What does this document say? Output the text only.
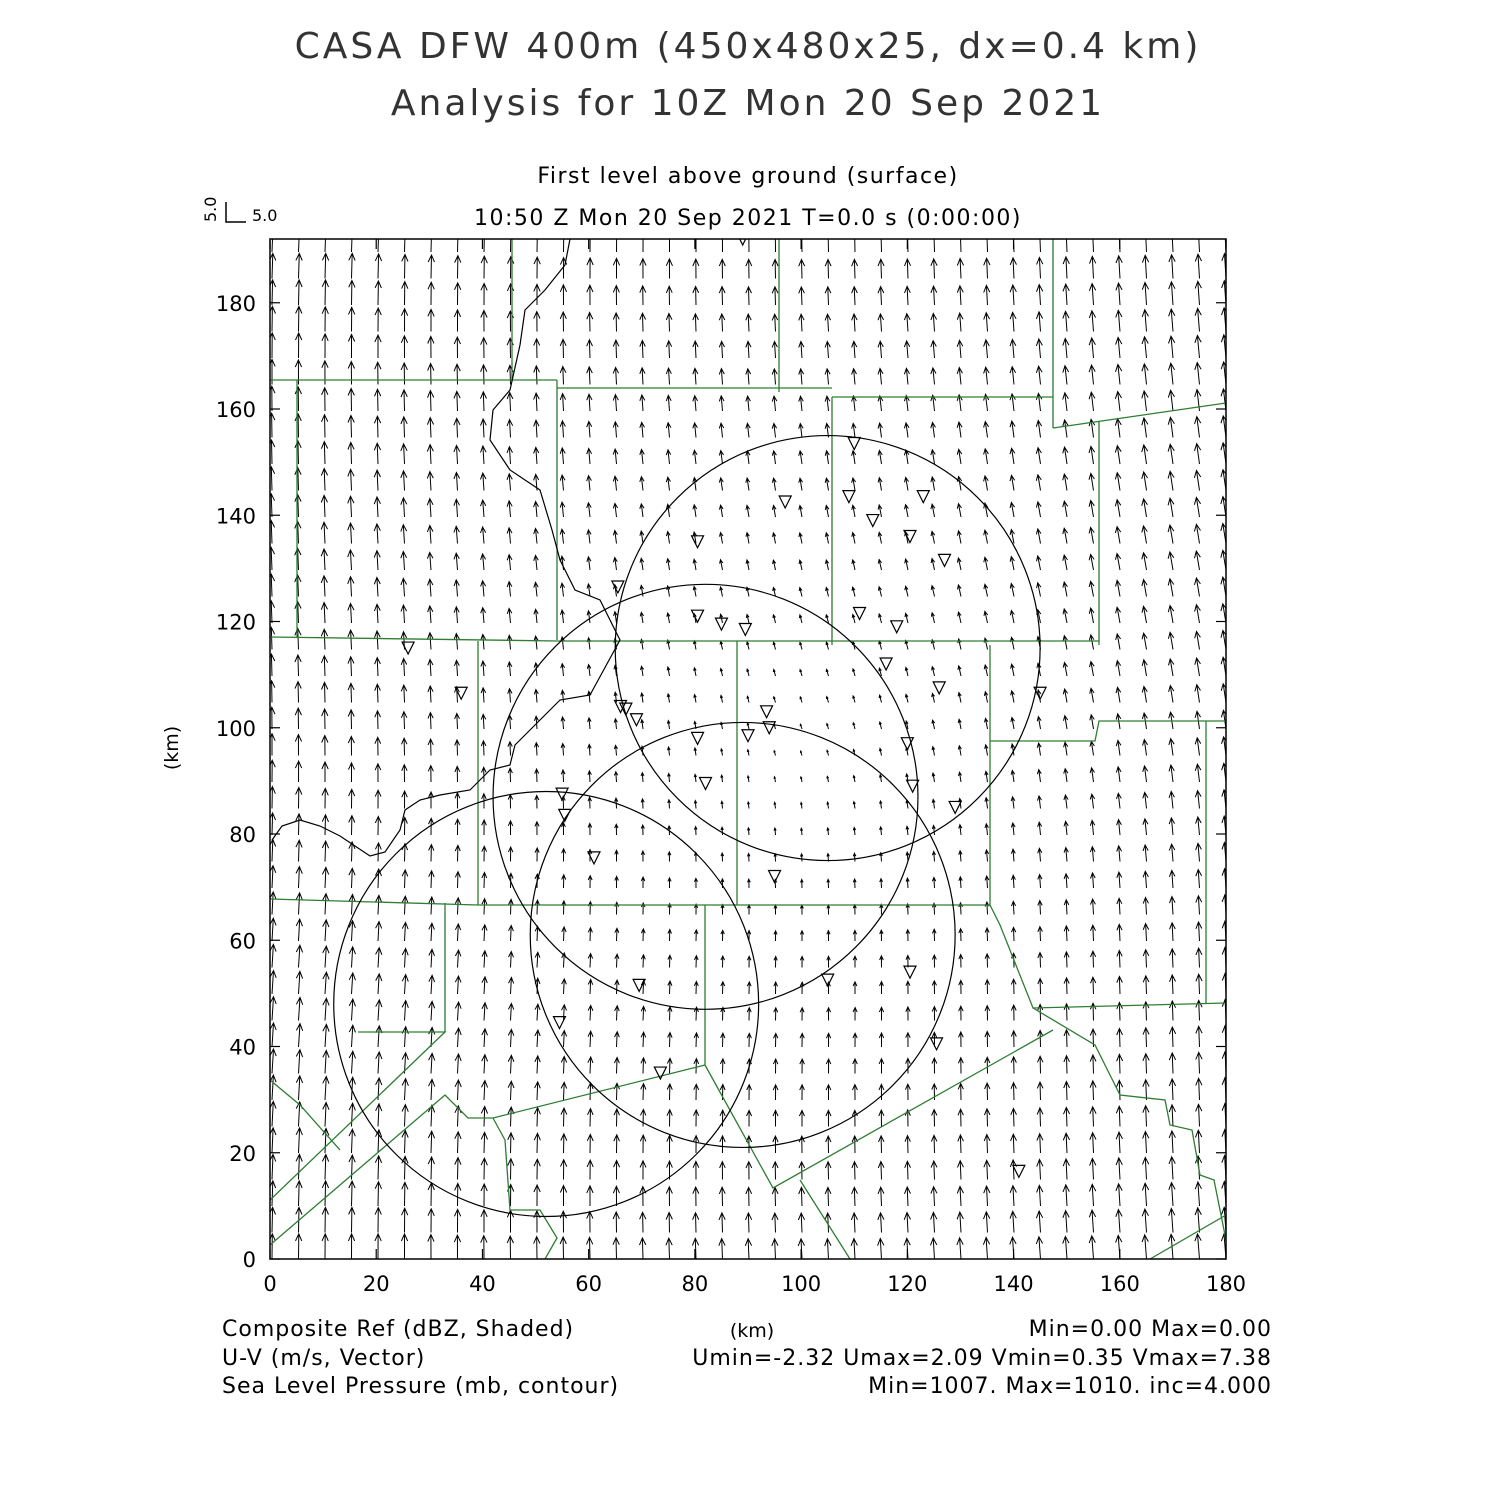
CASA DFW 400m (450x480x25, dx=0.4 km)
Analysis for 10Z Mon 20 Sep 2021
First level above ground (surface)
10:50 Z Mon 20 Sep 2021 T=0.0 s (0:00:00)
5.0 5.0
0	20	40	60	80	100	120	140	160	180
0
20
40
60
80
100
120
140
160
180
(km)
(km)
Composite Ref (dBZ, Shaded)	Min=0.00 Max=0.00
U-V (m/s, Vector)	Umin=-2.32 Umax=2.09 Vmin=0.35 Vmax=7.38
Sea Level Pressure (mb, contour)	Min=1007. Max=1010. inc=4.000
